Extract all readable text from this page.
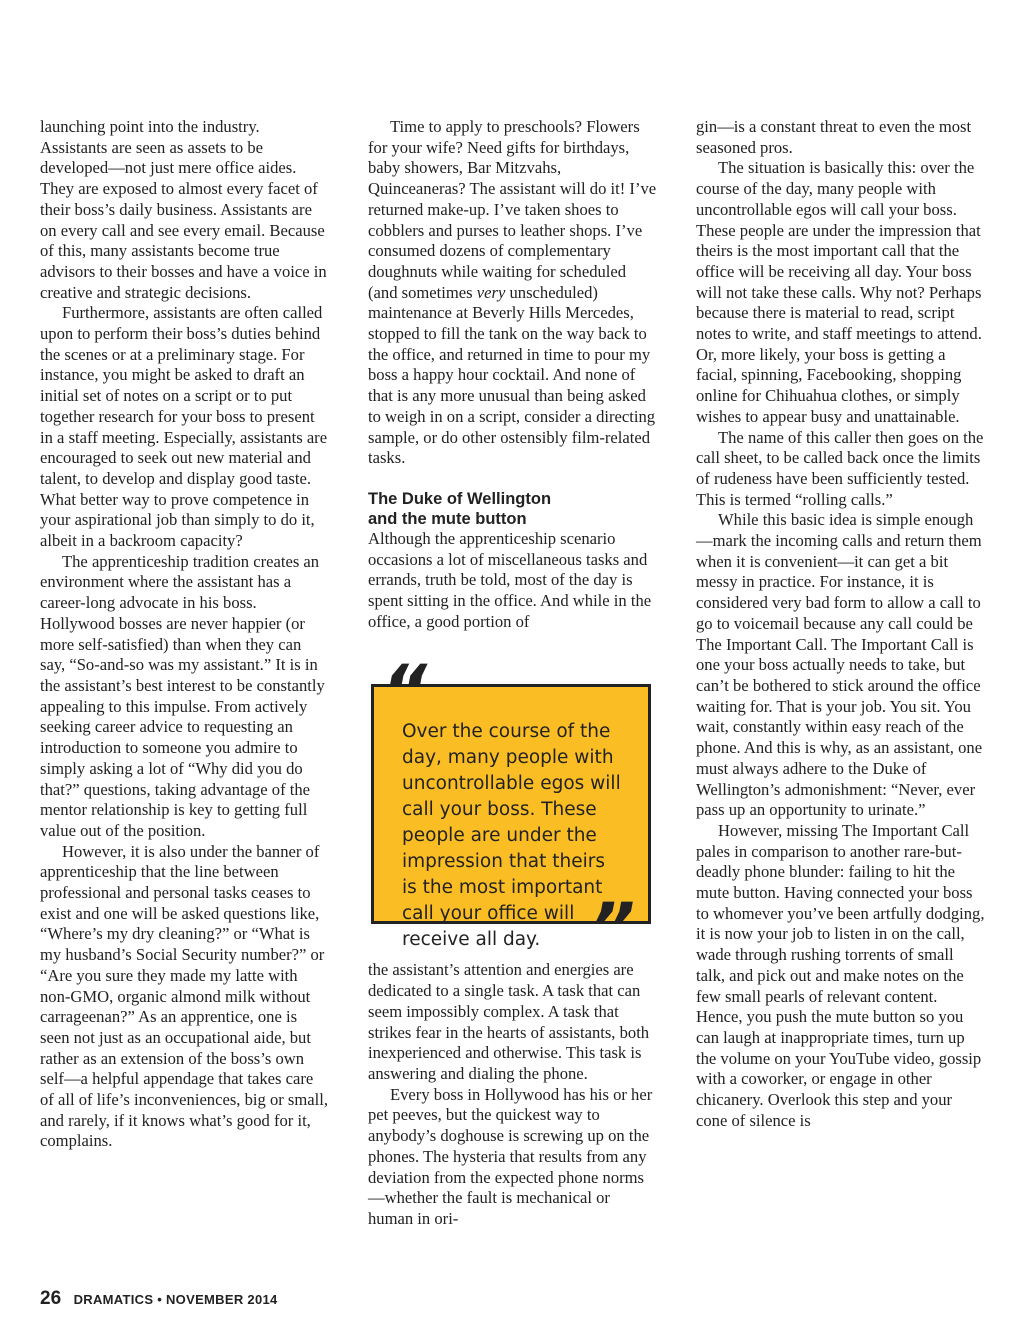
launching point into the industry. Assistants are seen as assets to be developed—not just mere office aides. They are exposed to almost every facet of their boss’s daily business. Assistants are on every call and see every email. Because of this, many assistants become true advisors to their bosses and have a voice in creative and strategic decisions.

Furthermore, assistants are often called upon to perform their boss’s duties behind the scenes or at a preliminary stage. For instance, you might be asked to draft an initial set of notes on a script or to put together research for your boss to present in a staff meeting. Especially, assistants are encouraged to seek out new material and talent, to develop and display good taste. What better way to prove competence in your aspirational job than simply to do it, albeit in a backroom capacity?

The apprenticeship tradition creates an environment where the assistant has a career-long advocate in his boss. Hollywood bosses are never happier (or more self-satisfied) than when they can say, “So-and-so was my assistant.” It is in the assistant’s best interest to be constantly appealing to this impulse. From actively seeking career advice to requesting an introduction to someone you admire to simply asking a lot of “Why did you do that?” questions, taking advantage of the mentor relationship is key to getting full value out of the position.

However, it is also under the banner of apprenticeship that the line between professional and personal tasks ceases to exist and one will be asked questions like, “Where’s my dry cleaning?” or “What is my husband’s Social Security number?” or “Are you sure they made my latte with non-GMO, organic almond milk without carrageenan?” As an apprentice, one is seen not just as an occupational aide, but rather as an extension of the boss’s own self—a helpful appendage that takes care of all of life’s inconveniences, big or small, and rarely, if it knows what’s good for it, complains.

Time to apply to preschools? Flowers for your wife? Need gifts for birthdays, baby showers, Bar Mitzvahs, Quinceaneras? The assistant will do it! I’ve returned make-up. I’ve taken shoes to cobblers and purses to leather shops. I’ve consumed dozens of complementary doughnuts while waiting for scheduled (and sometimes very unscheduled) maintenance at Beverly Hills Mercedes, stopped to fill the tank on the way back to the office, and returned in time to pour my boss a happy hour cocktail. And none of that is any more unusual than being asked to weigh in on a script, consider a directing sample, or do other ostensibly film-related tasks.

The Duke of Wellington
and the mute button

Although the apprenticeship scenario occasions a lot of miscellaneous tasks and errands, truth be told, most of the day is spent sitting in the office. And while in the office, a good portion of

Over the course of the day, many people with uncontrollable egos will call your boss. These people are under the impression that theirs is the most important call your office will receive all day.
“
”

the assistant’s attention and energies are dedicated to a single task. A task that can seem impossibly complex. A task that strikes fear in the hearts of assistants, both inexperienced and otherwise. This task is answering and dialing the phone.

Every boss in Hollywood has his or her pet peeves, but the quickest way to anybody’s doghouse is screwing up on the phones. The hysteria that results from any deviation from the expected phone norms—whether the fault is mechanical or human in ori-

gin—is a constant threat to even the most seasoned pros.

The situation is basically this: over the course of the day, many people with uncontrollable egos will call your boss. These people are under the impression that theirs is the most important call that the office will be receiving all day. Your boss will not take these calls. Why not? Perhaps because there is material to read, script notes to write, and staff meetings to attend. Or, more likely, your boss is getting a facial, spinning, Facebooking, shopping online for Chihuahua clothes, or simply wishes to appear busy and unattainable.

The name of this caller then goes on the call sheet, to be called back once the limits of rudeness have been sufficiently tested. This is termed “rolling calls.”

While this basic idea is simple enough—mark the incoming calls and return them when it is convenient—it can get a bit messy in practice. For instance, it is considered very bad form to allow a call to go to voicemail because any call could be The Important Call. The Important Call is one your boss actually needs to take, but can’t be bothered to stick around the office waiting for. That is your job. You sit. You wait, constantly within easy reach of the phone. And this is why, as an assistant, one must always adhere to the Duke of Wellington’s admonishment: “Never, ever pass up an opportunity to urinate.”

However, missing The Important Call pales in comparison to another rare-but-deadly phone blunder: failing to hit the mute button. Having connected your boss to whomever you’ve been artfully dodging, it is now your job to listen in on the call, wade through rushing torrents of small talk, and pick out and make notes on the few small pearls of relevant content. Hence, you push the mute button so you can laugh at inappropriate times, turn up the volume on your YouTube video, gossip with a coworker, or engage in other chicanery. Overlook this step and your cone of silence is

26 DRAMATICS • NOVEMBER 2014
